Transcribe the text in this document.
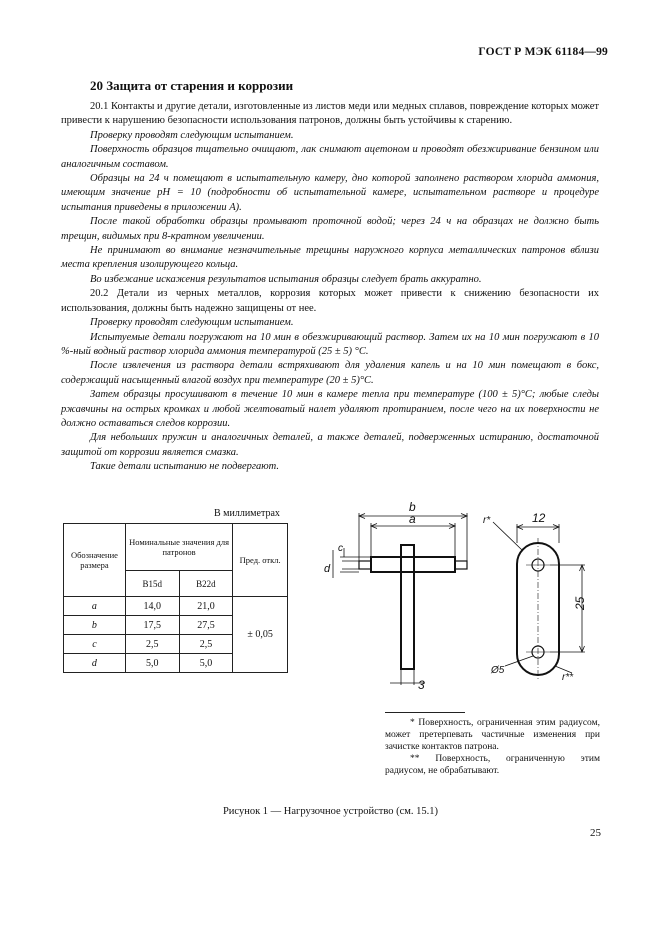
ГОСТ Р МЭК 61184—99
20 Защита от старения и коррозии

20.1 Контакты и другие детали, изготовленные из листов меди или медных сплавов, повреждение которых может привести к нарушению безопасности использования патронов, должны быть устойчивы к старению.

Проверку проводят следующим испытанием.

Поверхность образцов тщательно очищают, лак снимают ацетоном и проводят обезжиривание бензином или аналогичным составом.

Образцы на 24 ч помещают в испытательную камеру, дно которой заполнено раствором хлорида аммония, имеющим значение pH = 10 (подробности об испытательной камере, испытательном растворе и процедуре испытания приведены в приложении А).

После такой обработки образцы промывают проточной водой; через 24 ч на образцах не должно быть трещин, видимых при 8-кратном увеличении.

Не принимают во внимание незначительные трещины наружного корпуса металлических патронов вблизи места крепления изолирующего кольца.

Во избежание искажения результатов испытания образцы следует брать аккуратно.

20.2 Детали из черных металлов, коррозия которых может привести к снижению безопасности их использования, должны быть надежно защищены от нее.

Проверку проводят следующим испытанием.

Испытуемые детали погружают на 10 мин в обезжиривающий раствор. Затем их на 10 мин погружают в 10 %-ный водный раствор хлорида аммония температурой (25 ± 5) °С.

После извлечения из раствора детали встряхивают для удаления капель и на 10 мин помещают в бокс, содержащий насыщенный влагой воздух при температуре (20 ± 5)°С.

Затем образцы просушивают в течение 10 мин в камере тепла при температуре (100 ± 5)°С; любые следы ржавчины на острых кромках и любой желтоватый налет удаляют протиранием, после чего на их поверхности не должно оставаться следов коррозии.

Для небольших пружин и аналогичных деталей, а также деталей, подверженных истиранию, достаточной защитой от коррозии является смазка.

Такие детали испытанию не подвергают.

В миллиметрах
Обозначение размера	Номинальные значения для патронов		Пред. откл.
	B15d	B22d	
a	14,0	21,0	± 0,05
b	17,5	27,5	
c	2,5	2,5	
d	5,0	5,0	
b
a
c
d
3
r*	12
25
Ø5
r**

* Поверхность, ограниченная этим радиусом, может претерпевать частичные изменения при зачистке контактов патрона.

** Поверхность, ограниченную этим радиусом, не обрабатывают.

Рисунок 1 — Нагрузочное устройство (см. 15.1)
25
